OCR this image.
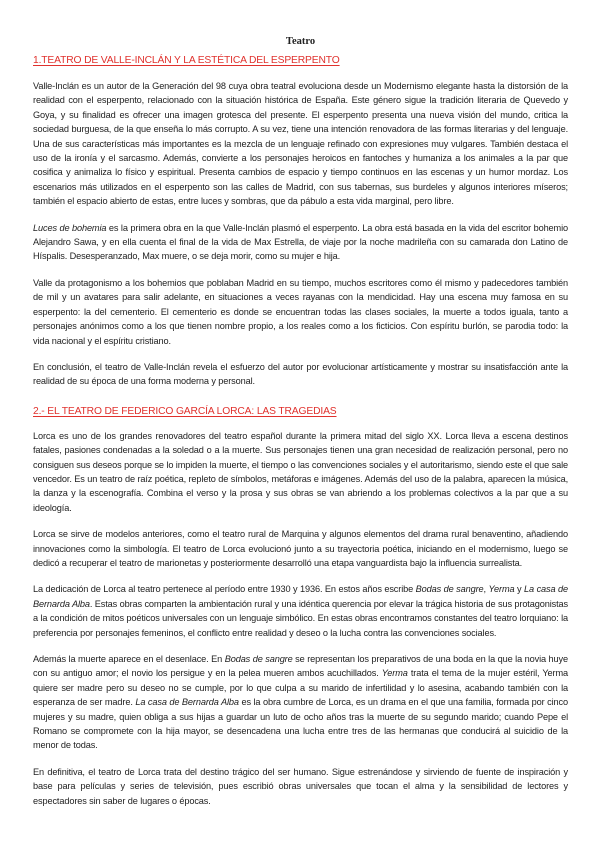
Teatro
1.TEATRO DE VALLE-INCLÁN Y LA ESTÉTICA DEL ESPERPENTO

Valle-Inclán es un autor de la Generación del 98 cuya obra teatral evoluciona desde un Modernismo elegante hasta la distorsión de la realidad con el esperpento, relacionado con la situación histórica de España. Este género sigue la tradición literaria de Quevedo y Goya, y su finalidad es ofrecer una imagen grotesca del presente. El esperpento presenta una nueva visión del mundo, critica la sociedad burguesa, de la que enseña lo más corrupto. A su vez, tiene una intención renovadora de las formas literarias y del lenguaje. Una de sus características más importantes es la mezcla de un lenguaje refinado con expresiones muy vulgares. También destaca el uso de la ironía y el sarcasmo. Además, convierte a los personajes heroicos en fantoches y humaniza a los animales a la par que cosifica y animaliza lo físico y espiritual. Presenta cambios de espacio y tiempo continuos en las escenas y un humor mordaz. Los escenarios más utilizados en el esperpento son las calles de Madrid, con sus tabernas, sus burdeles y algunos interiores míseros; también el espacio abierto de estas, entre luces y sombras, que da pábulo a esta vida marginal, pero libre.

Luces de bohemia es la primera obra en la que Valle-Inclán plasmó el esperpento. La obra está basada en la vida del escritor bohemio Alejandro Sawa, y en ella cuenta el final de la vida de Max Estrella, de viaje por la noche madrileña con su camarada don Latino de Híspalis. Desesperanzado, Max muere, o se deja morir, como su mujer e hija.

Valle da protagonismo a los bohemios que poblaban Madrid en su tiempo, muchos escritores como él mismo y padecedores también de mil y un avatares para salir adelante, en situaciones a veces rayanas con la mendicidad. Hay una escena muy famosa en su esperpento: la del cementerio. El cementerio es donde se encuentran todas las clases sociales, la muerte a todos iguala, tanto a personajes anónimos como a los que tienen nombre propio, a los reales como a los ficticios. Con espíritu burlón, se parodia todo: la vida nacional y el espíritu cristiano.

En conclusión, el teatro de Valle-Inclán revela el esfuerzo del autor por evolucionar artísticamente y mostrar su insatisfacción ante la realidad de su época de una forma moderna y personal.

2.- EL TEATRO DE FEDERICO GARCÍA LORCA: LAS TRAGEDIAS

Lorca es uno de los grandes renovadores del teatro español durante la primera mitad del siglo XX. Lorca lleva a escena destinos fatales, pasiones condenadas a la soledad o a la muerte. Sus personajes tienen una gran necesidad de realización personal, pero no consiguen sus deseos porque se lo impiden la muerte, el tiempo o las convenciones sociales y el autoritarismo, siendo este el que sale vencedor. Es un teatro de raíz poética, repleto de símbolos, metáforas e imágenes. Además del uso de la palabra, aparecen la música, la danza y la escenografía. Combina el verso y la prosa y sus obras se van abriendo a los problemas colectivos a la par que a su ideología.

Lorca se sirve de modelos anteriores, como el teatro rural de Marquina y algunos elementos del drama rural benaventino, añadiendo innovaciones como la simbología. El teatro de Lorca evolucionó junto a su trayectoria poética, iniciando en el modernismo, luego se dedicó a recuperar el teatro de marionetas y posteriormente desarrolló una etapa vanguardista bajo la influencia surrealista.

La dedicación de Lorca al teatro pertenece al período entre 1930 y 1936. En estos años escribe Bodas de sangre, Yerma y La casa de Bernarda Alba. Estas obras comparten la ambientación rural y una idéntica querencia por elevar la trágica historia de sus protagonistas a la condición de mitos poéticos universales con un lenguaje simbólico. En estas obras encontramos constantes del teatro lorquiano: la preferencia por personajes femeninos, el conflicto entre realidad y deseo o la lucha contra las convenciones sociales.

Además la muerte aparece en el desenlace. En Bodas de sangre se representan los preparativos de una boda en la que la novia huye con su antiguo amor; el novio los persigue y en la pelea mueren ambos acuchillados. Yerma trata el tema de la mujer estéril, Yerma quiere ser madre pero su deseo no se cumple, por lo que culpa a su marido de infertilidad y lo asesina, acabando también con la esperanza de ser madre. La casa de Bernarda Alba es la obra cumbre de Lorca, es un drama en el que una familia, formada por cinco mujeres y su madre, quien obliga a sus hijas a guardar un luto de ocho años tras la muerte de su segundo marido; cuando Pepe el Romano se compromete con la hija mayor, se desencadena una lucha entre tres de las hermanas que conducirá al suicidio de la menor de todas.

En definitiva, el teatro de Lorca trata del destino trágico del ser humano. Sigue estrenándose y sirviendo de fuente de inspiración y base para películas y series de televisión, pues escribió obras universales que tocan el alma y la sensibilidad de lectores y espectadores sin saber de lugares o épocas.
